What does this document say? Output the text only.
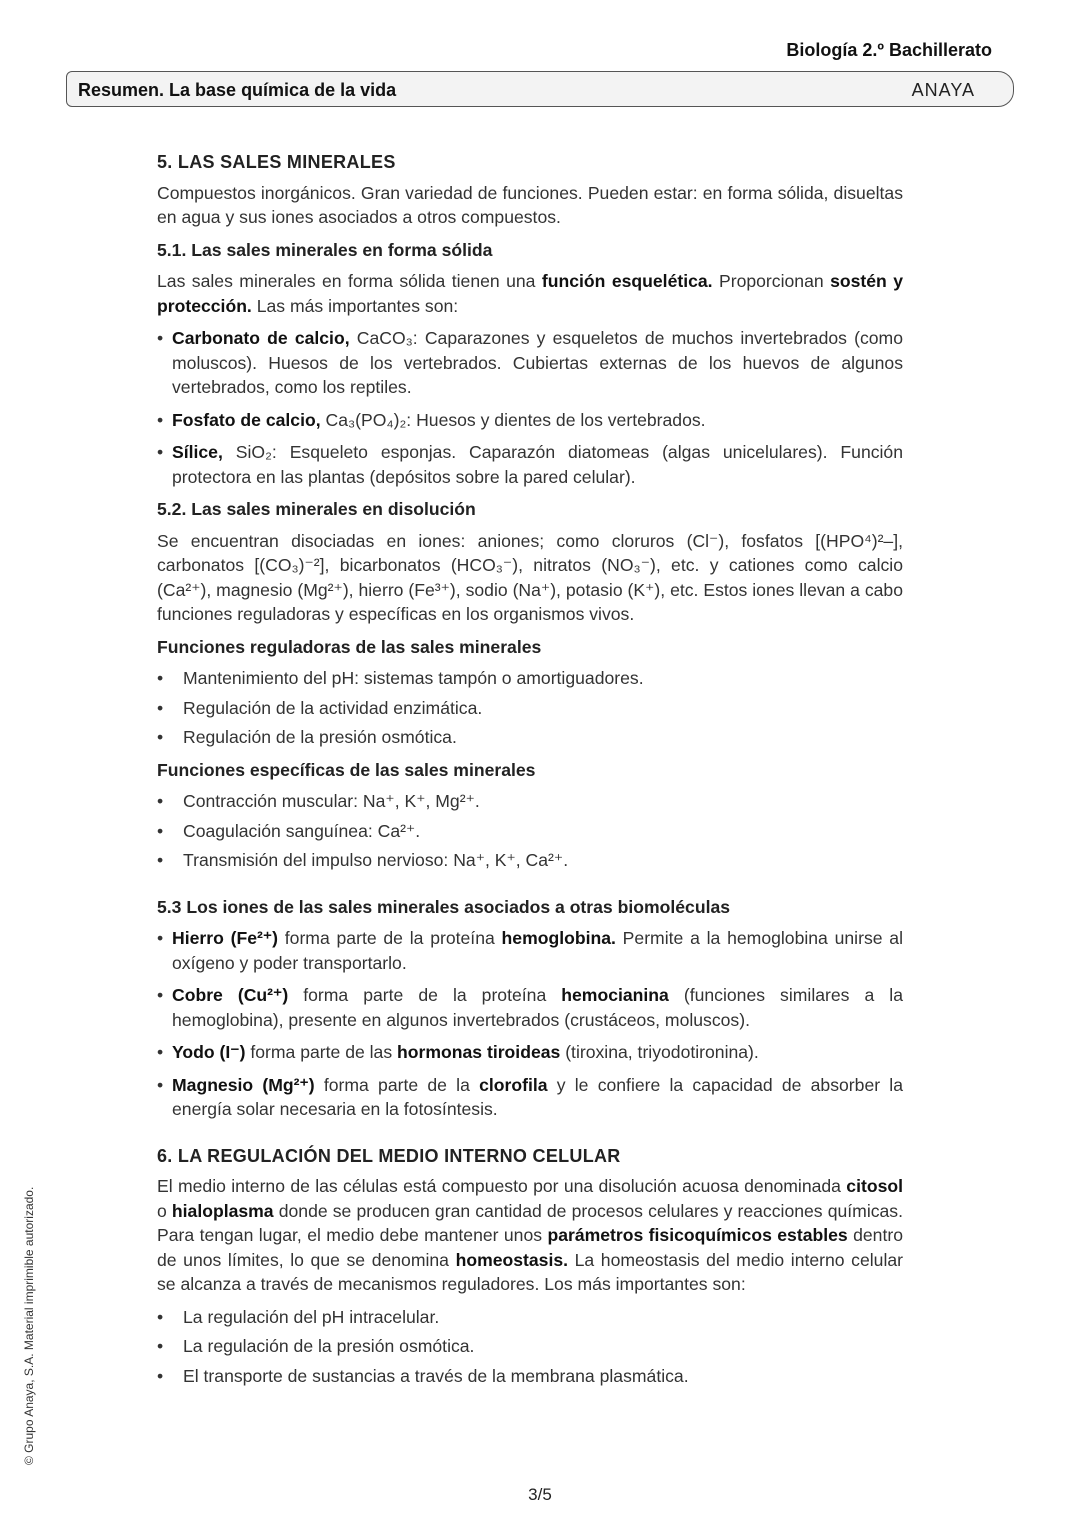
Biología 2.º Bachillerato
Resumen. La base química de la vida	ANAYA
5. LAS SALES MINERALES

Compuestos inorgánicos. Gran variedad de funciones. Pueden estar: en forma sólida, disueltas en agua y sus iones asociados a otros compuestos.

5.1. Las sales minerales en forma sólida

Las sales minerales en forma sólida tienen una función esquelética. Proporcionan sostén y protección. Las más importantes son:

• Carbonato de calcio, CaCO₃: Caparazones y esqueletos de muchos invertebrados (como moluscos). Huesos de los vertebrados. Cubiertas externas de los huevos de algunos vertebrados, como los reptiles.
• Fosfato de calcio, Ca₃(PO₄)₂: Huesos y dientes de los vertebrados.
• Sílice, SiO₂: Esqueleto esponjas. Caparazón diatomeas (algas unicelulares). Función protectora en las plantas (depósitos sobre la pared celular).
5.2. Las sales minerales en disolución

Se encuentran disociadas en iones: aniones; como cloruros (Cl⁻), fosfatos [(HPO⁴)²–], carbonatos [(CO₃)⁻²], bicarbonatos (HCO₃⁻), nitratos (NO₃⁻), etc. y cationes como calcio (Ca²⁺), magnesio (Mg²⁺), hierro (Fe³⁺), sodio (Na⁺), potasio (K⁺), etc. Estos iones llevan a cabo funciones reguladoras y específicas en los organismos vivos.

Funciones reguladoras de las sales minerales
• Mantenimiento del pH: sistemas tampón o amortiguadores.
• Regulación de la actividad enzimática.
• Regulación de la presión osmótica.
Funciones específicas de las sales minerales
• Contracción muscular: Na⁺, K⁺, Mg²⁺.
• Coagulación sanguínea: Ca²⁺.
• Transmisión del impulso nervioso: Na⁺, K⁺, Ca²⁺.
5.3 Los iones de las sales minerales asociados a otras biomoléculas
• Hierro (Fe²⁺) forma parte de la proteína hemoglobina. Permite a la hemoglobina unirse al oxígeno y poder transportarlo.
• Cobre (Cu²⁺) forma parte de la proteína hemocianina (funciones similares a la hemoglobina), presente en algunos invertebrados (crustáceos, moluscos).
• Yodo (I⁻) forma parte de las hormonas tiroideas (tiroxina, triyodotironina).
• Magnesio (Mg²⁺) forma parte de la clorofila y le confiere la capacidad de absorber la energía solar necesaria en la fotosíntesis.
6. LA REGULACIÓN DEL MEDIO INTERNO CELULAR

El medio interno de las células está compuesto por una disolución acuosa denominada citosol o hialoplasma donde se producen gran cantidad de procesos celulares y reacciones químicas. Para tengan lugar, el medio debe mantener unos parámetros fisicoquímicos estables dentro de unos límites, lo que se denomina homeostasis. La homeostasis del medio interno celular se alcanza a través de mecanismos reguladores. Los más importantes son:

• La regulación del pH intracelular.
• La regulación de la presión osmótica.
• El transporte de sustancias a través de la membrana plasmática.
© Grupo Anaya, S.A. Material imprimible autorizado.
3/5
